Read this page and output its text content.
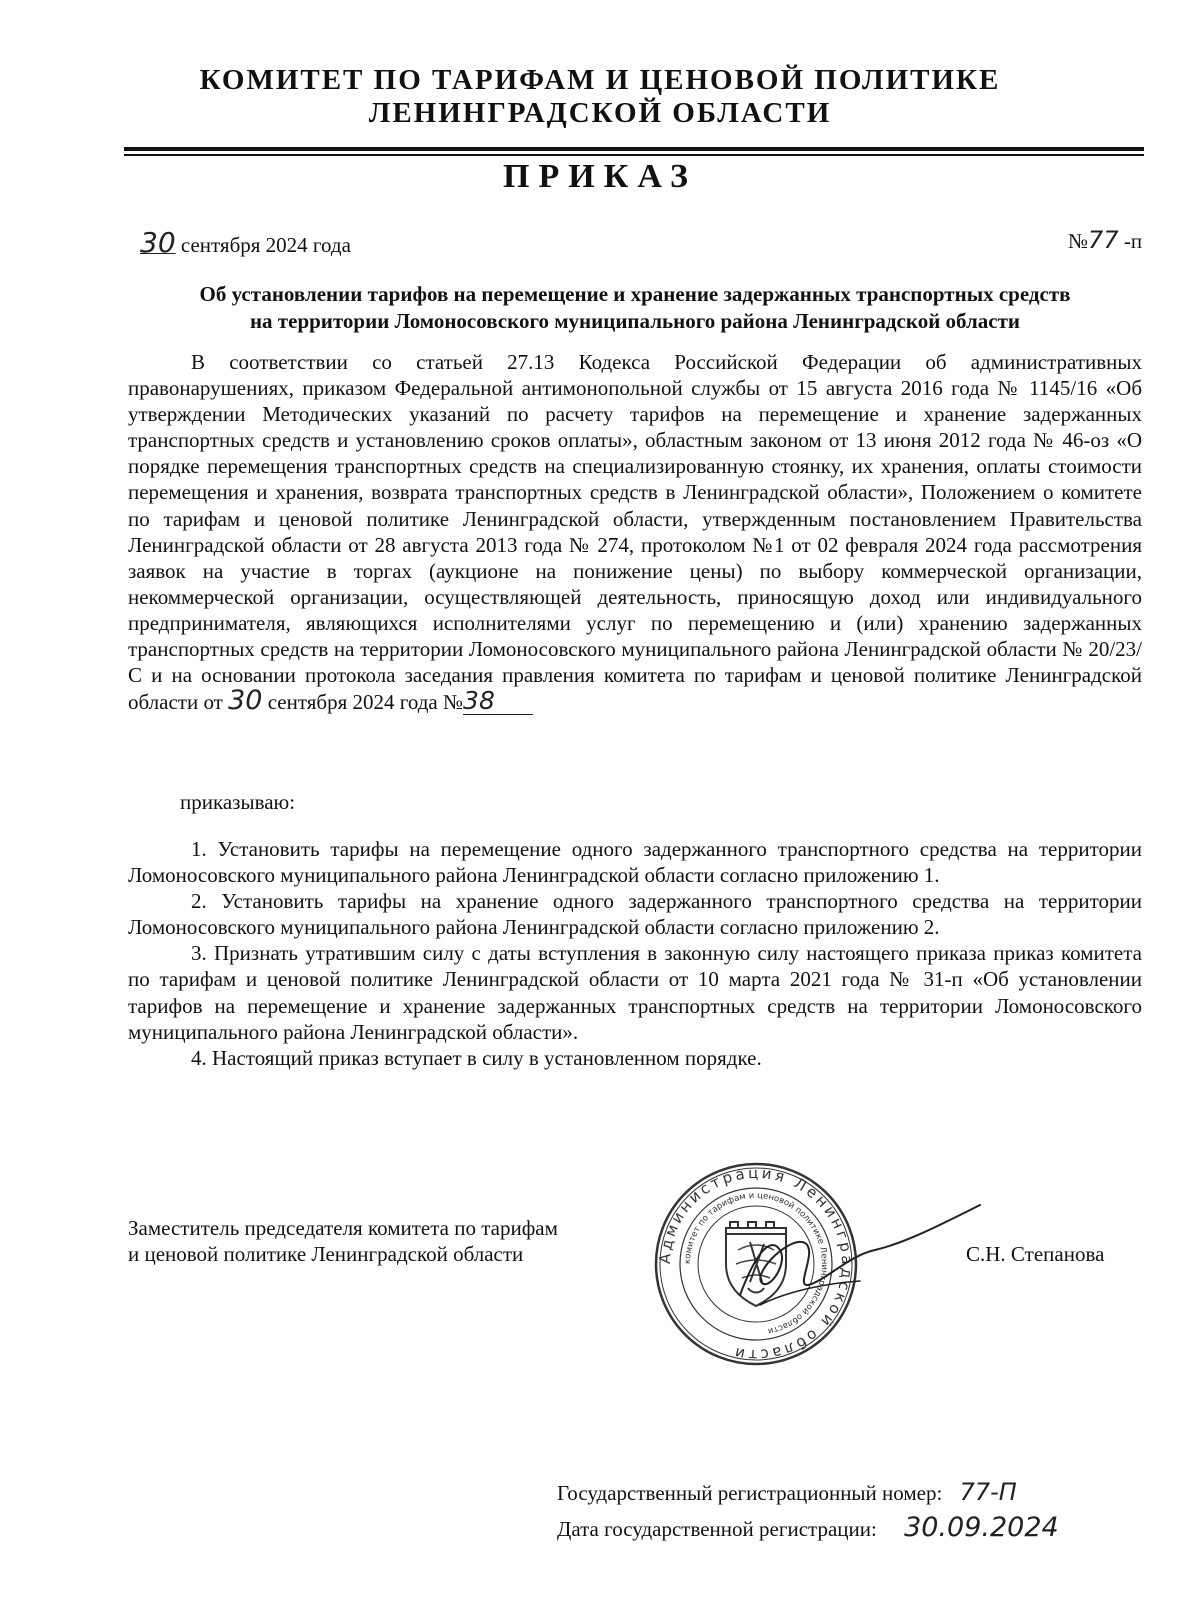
КОМИТЕТ ПО ТАРИФАМ И ЦЕНОВОЙ ПОЛИТИКЕ
ЛЕНИНГРАДСКОЙ ОБЛАСТИ
ПРИКАЗ
30 сентября 2024 года	№77 -п
Об установлении тарифов на перемещение и хранение задержанных транспортных средств
на территории Ломоносовского муниципального района Ленинградской области

В соответствии со статьей 27.13 Кодекса Российской Федерации об административных правонарушениях, приказом Федеральной антимонопольной службы от 15 августа 2016 года № 1145/16 «Об утверждении Методических указаний по расчету тарифов на перемещение и хранение задержанных транспортных средств и установлению сроков оплаты», областным законом от 13 июня 2012 года № 46-оз «О порядке перемещения транспортных средств на специализированную стоянку, их хранения, оплаты стоимости перемещения и хранения, возврата транспортных средств в Ленинградской области», Положением о комитете по тарифам и ценовой политике Ленинградской области, утвержденным постановлением Правительства Ленинградской области от 28 августа 2013 года № 274, протоколом №1 от 02 февраля 2024 года рассмотрения заявок на участие в торгах (аукционе на понижение цены) по выбору коммерческой организации, некоммерческой организации, осуществляющей деятельность, приносящую доход или индивидуального предпринимателя, являющихся исполнителями услуг по перемещению и (или) хранению задержанных транспортных средств на территории Ломоносовского муниципального района Ленинградской области № 20/23/С и на основании протокола заседания правления комитета по тарифам и ценовой политике Ленинградской области от 30 сентября 2024 года №38

приказываю:

1. Установить тарифы на перемещение одного задержанного транспортного средства на территории Ломоносовского муниципального района Ленинградской области согласно приложению 1.

2. Установить тарифы на хранение одного задержанного транспортного средства на территории Ломоносовского муниципального района Ленинградской области согласно приложению 2.

3. Признать утратившим силу с даты вступления в законную силу настоящего приказа приказ комитета по тарифам и ценовой политике Ленинградской области от 10 марта 2021 года № 31-п «Об установлении тарифов на перемещение и хранение задержанных транспортных средств на территории Ломоносовского муниципального района Ленинградской области».

4. Настоящий приказ вступает в силу в установленном порядке.

Заместитель председателя комитета по тарифам
и ценовой политике Ленинградской области	С.Н. Степанова
Администрация Ленинградской области
комитет по тарифам и ценовой политике Ленинградской области
Государственный регистрационный номер: 77-П
Дата государственной регистрации: 30.09.2024
